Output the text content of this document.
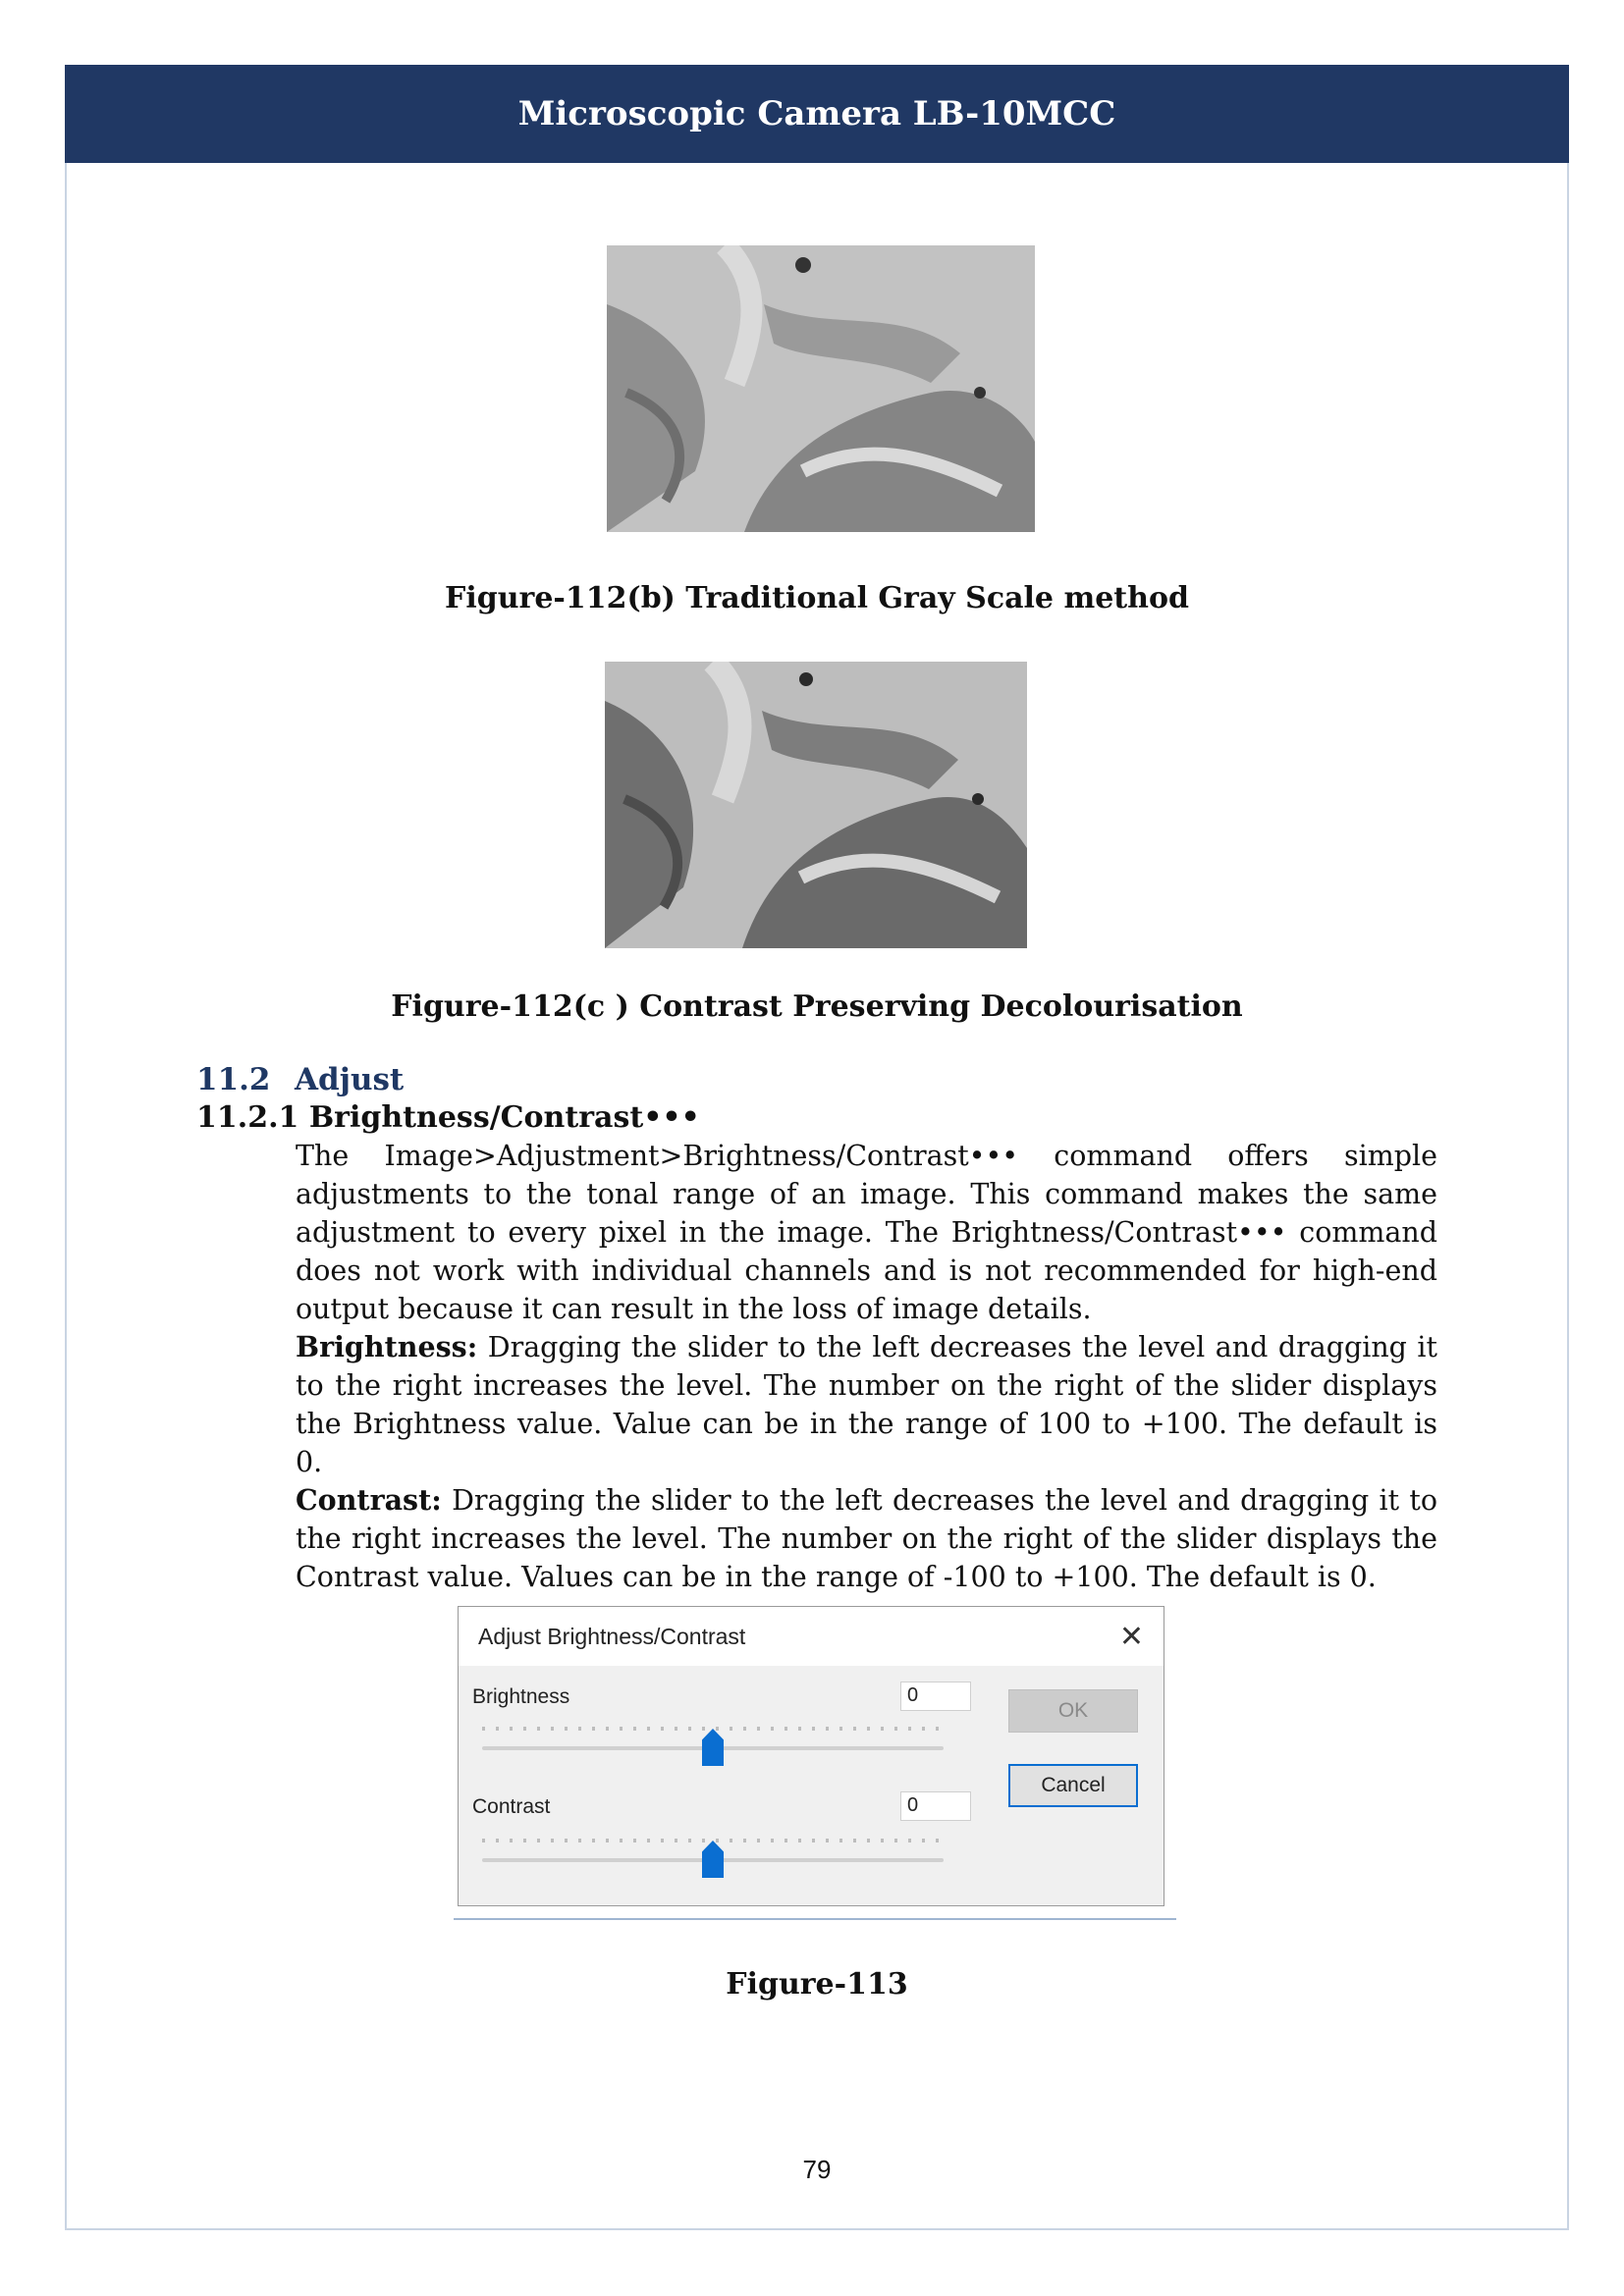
Microscopic Camera LB-10MCC
Figure-112(b) Traditional Gray Scale method
Figure-112(c ) Contrast Preserving Decolourisation
11.2 Adjust
11.2.1 Brightness/Contrast•••

The Image>Adjustment>Brightness/Contrast••• command offers simple adjustments to the tonal range of an image. This command makes the same adjustment to every pixel in the image. The Brightness/Contrast••• command does not work with individual channels and is not recommended for high-end output because it can result in the loss of image details.

Brightness: Dragging the slider to the left decreases the level and dragging it to the right increases the level. The number on the right of the slider displays the Brightness value. Value can be in the range of 100 to +100. The default is 0.

Contrast: Dragging the slider to the left decreases the level and dragging it to the right increases the level. The number on the right of the slider displays the Contrast value. Values can be in the range of -100 to +100. The default is 0.

Adjust Brightness/Contrast	✕
Brightness	0
Contrast	0
OK
Cancel
Figure-113
79
